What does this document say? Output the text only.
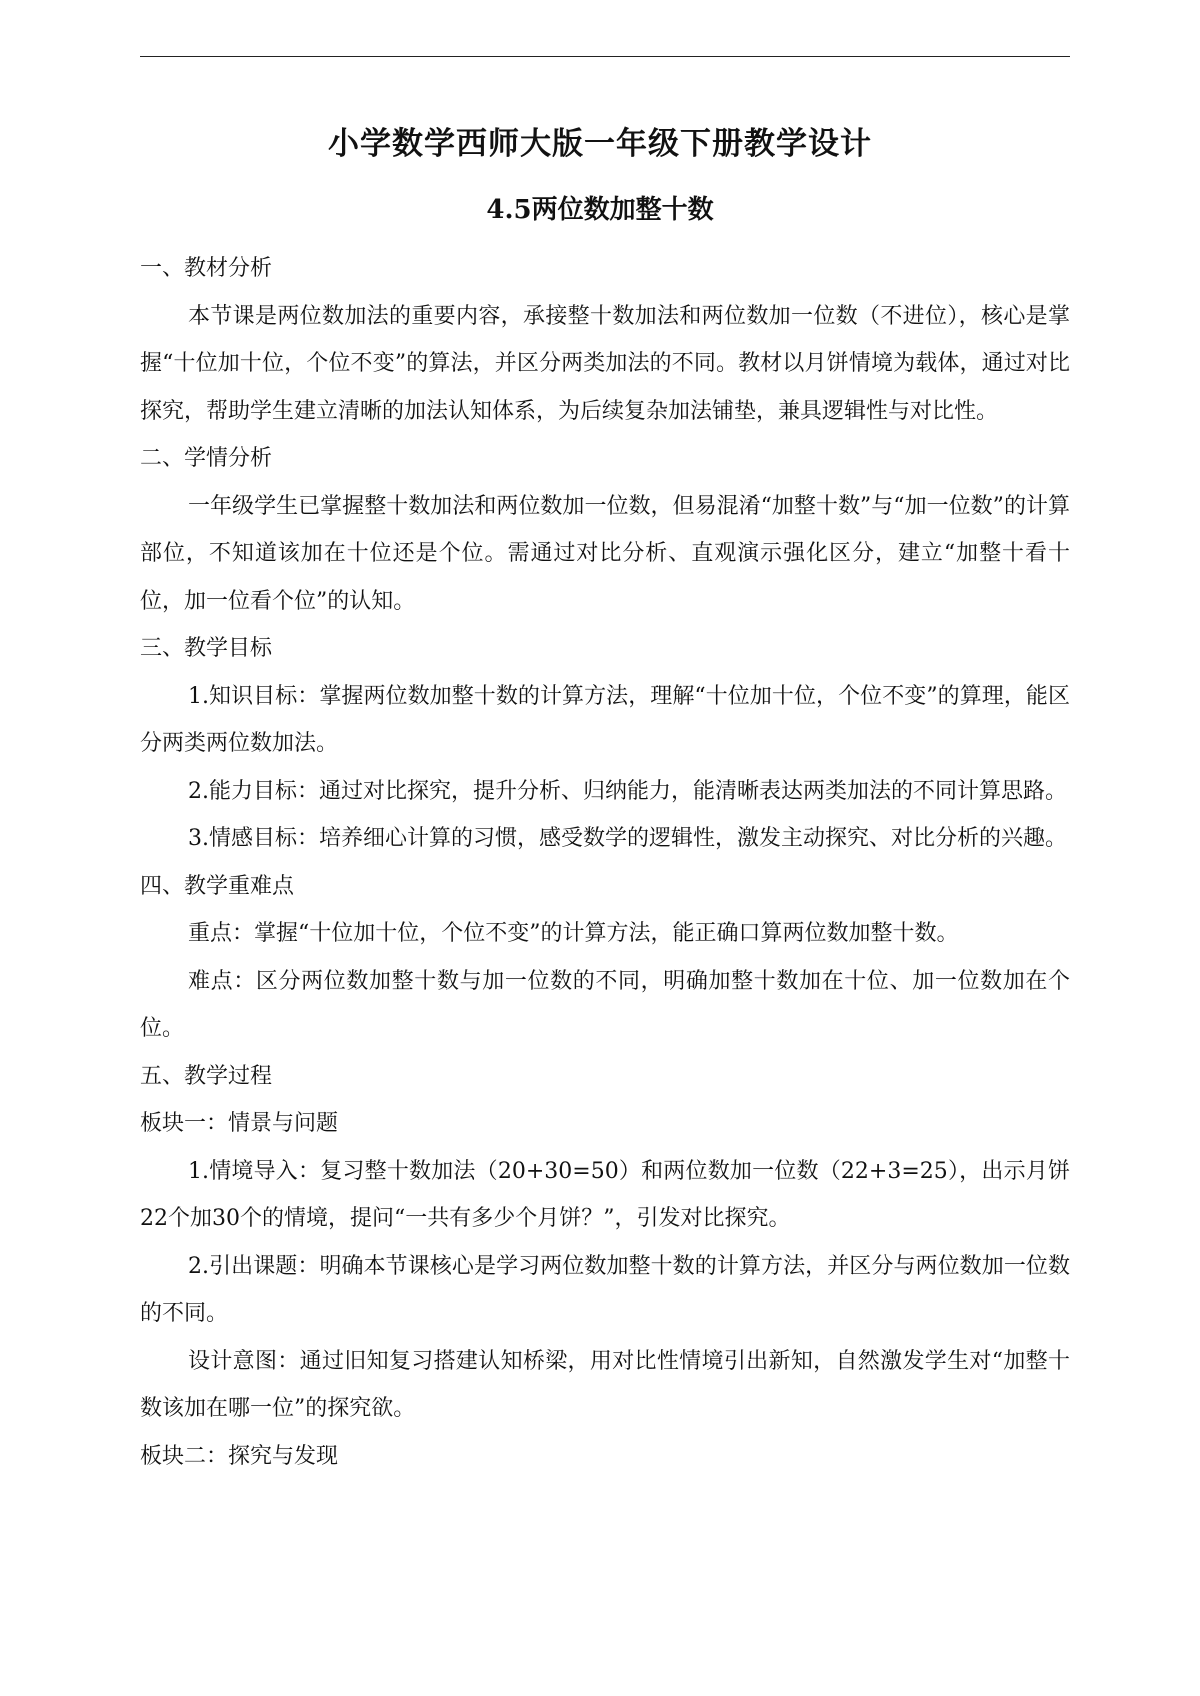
小学数学西师大版一年级下册教学设计
4.5两位数加整十数

一、教材分析

本节课是两位数加法的重要内容，承接整十数加法和两位数加一位数（不进位），核心是掌握“十位加十位，个位不变”的算法，并区分两类加法的不同。教材以月饼情境为载体，通过对比探究，帮助学生建立清晰的加法认知体系，为后续复杂加法铺垫，兼具逻辑性与对比性。

二、学情分析

一年级学生已掌握整十数加法和两位数加一位数，但易混淆“加整十数”与“加一位数”的计算部位，不知道该加在十位还是个位。需通过对比分析、直观演示强化区分，建立“加整十看十位，加一位看个位”的认知。

三、教学目标

1.知识目标：掌握两位数加整十数的计算方法，理解“十位加十位，个位不变”的算理，能区分两类两位数加法。

2.能力目标：通过对比探究，提升分析、归纳能力，能清晰表达两类加法的不同计算思路。

3.情感目标：培养细心计算的习惯，感受数学的逻辑性，激发主动探究、对比分析的兴趣。

四、教学重难点

重点：掌握“十位加十位，个位不变”的计算方法，能正确口算两位数加整十数。

难点：区分两位数加整十数与加一位数的不同，明确加整十数加在十位、加一位数加在个位。

五、教学过程

板块一：情景与问题

1.情境导入：复习整十数加法（20+30=50）和两位数加一位数（22+3=25），出示月饼22个加30个的情境，提问“一共有多少个月饼？”，引发对比探究。

2.引出课题：明确本节课核心是学习两位数加整十数的计算方法，并区分与两位数加一位数的不同。

设计意图：通过旧知复习搭建认知桥梁，用对比性情境引出新知，自然激发学生对“加整十数该加在哪一位”的探究欲。

板块二：探究与发现
